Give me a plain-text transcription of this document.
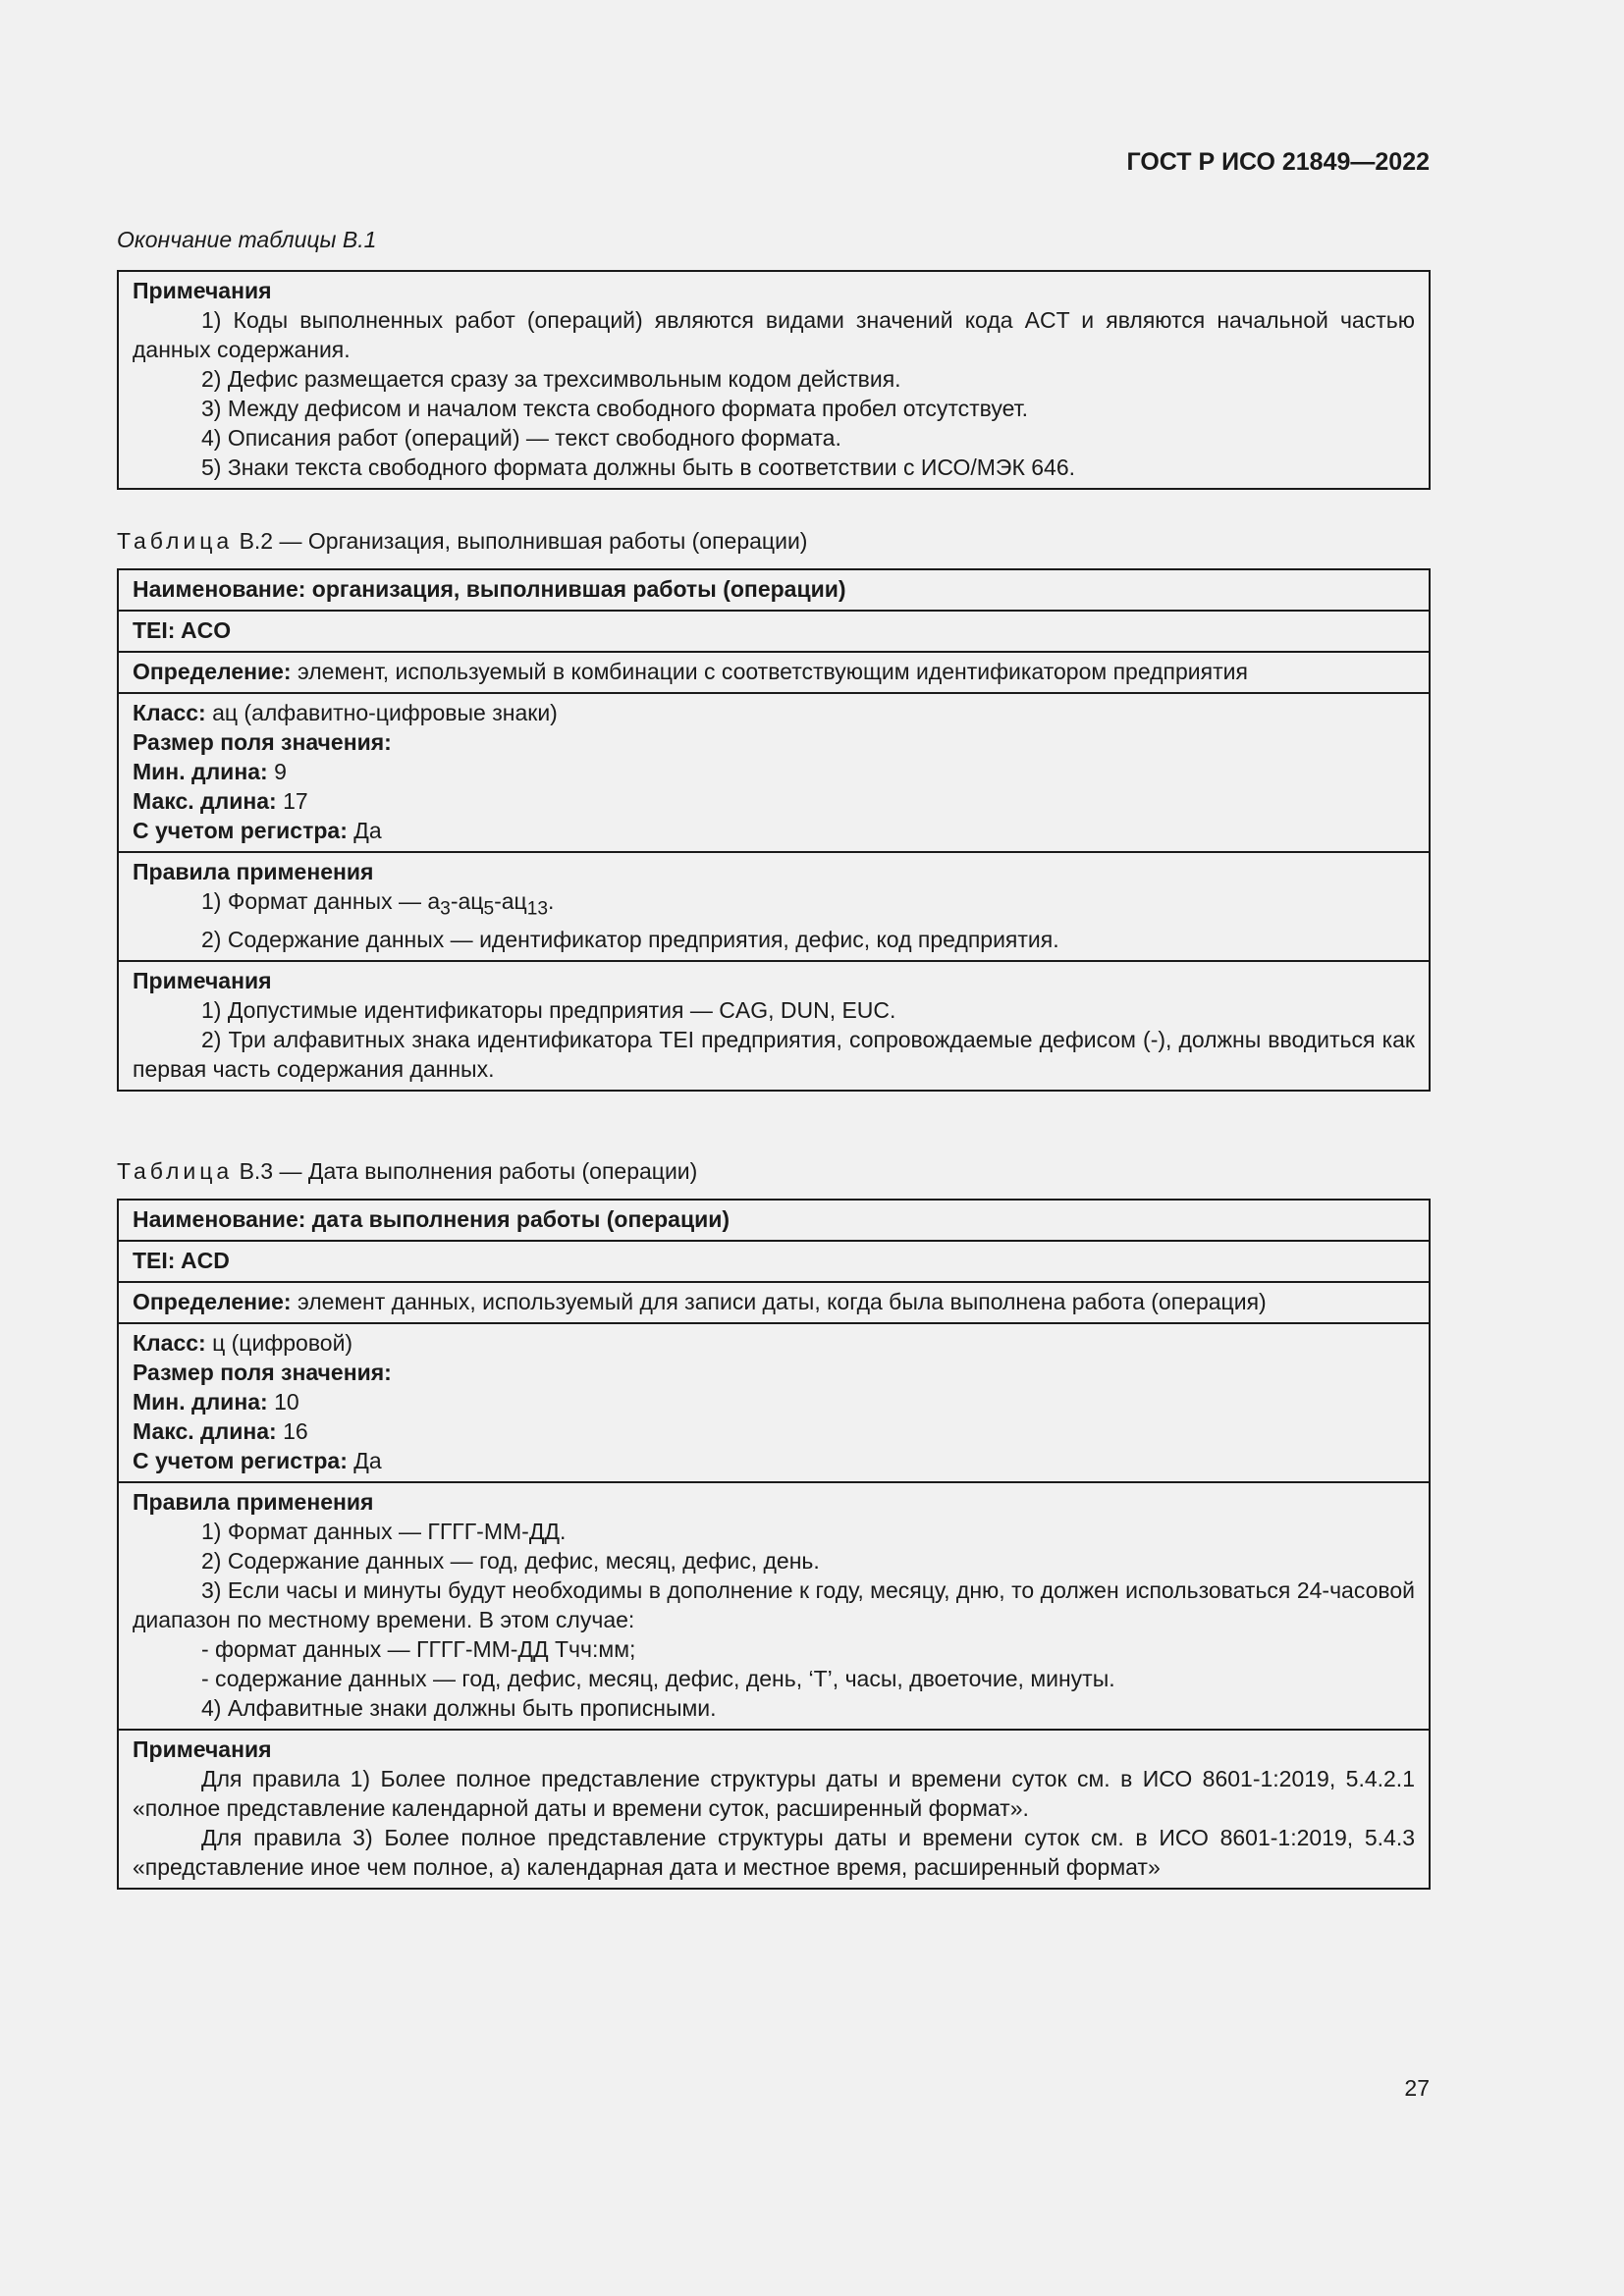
ГОСТ Р ИСО 21849—2022
Окончание таблицы В.1
Примечания
1) Коды выполненных работ (операций) являются видами значений кода ACT и являются начальной частью данных содержания.
2) Дефис размещается сразу за трехсимвольным кодом действия.
3) Между дефисом и началом текста свободного формата пробел отсутствует.
4) Описания работ (операций) — текст свободного формата.
5) Знаки текста свободного формата должны быть в соответствии с ИСО/МЭК 646.
Таблица В.2 — Организация, выполнившая работы (операции)
Наименование: организация, выполнившая работы (операции)
TEI: ACO
Определение: элемент, используемый в комбинации с соответствующим идентификатором предприятия
Класс: ац (алфавитно-цифровые знаки)
Размер поля значения:
Мин. длина: 9
Макс. длина: 17
С учетом регистра: Да
Правила применения
1) Формат данных — $а_3-ац_5-ац_{13}$.
2) Содержание данных — идентификатор предприятия, дефис, код предприятия.
Примечания
1) Допустимые идентификаторы предприятия — CAG, DUN, EUC.
2) Три алфавитных знака идентификатора TEI предприятия, сопровождаемые дефисом (-), должны вводиться как первая часть содержания данных.
Таблица В.3 — Дата выполнения работы (операции)
Наименование: дата выполнения работы (операции)
TEI: ACD
Определение: элемент данных, используемый для записи даты, когда была выполнена работа (операция)
Класс: ц (цифровой)
Размер поля значения:
Мин. длина: 10
Макс. длина: 16
С учетом регистра: Да
Правила применения
1) Формат данных — ГГГГ-ММ-ДД.
2) Содержание данных — год, дефис, месяц, дефис, день.
3) Если часы и минуты будут необходимы в дополнение к году, месяцу, дню, то должен использоваться 24-часовой диапазон по местному времени. В этом случае:
- формат данных — ГГГГ-ММ-ДД Тчч:мм;
- содержание данных — год, дефис, месяц, дефис, день, ‘T’, часы, двоеточие, минуты.
4) Алфавитные знаки должны быть прописными.
Примечания
Для правила 1) Более полное представление структуры даты и времени суток см. в ИСО 8601-1:2019, 5.4.2.1 «полное представление календарной даты и времени суток, расширенный формат».
Для правила 3) Более полное представление структуры даты и времени суток см. в ИСО 8601-1:2019, 5.4.3 «представление иное чем полное, а) календарная дата и местное время, расширенный формат»
27
